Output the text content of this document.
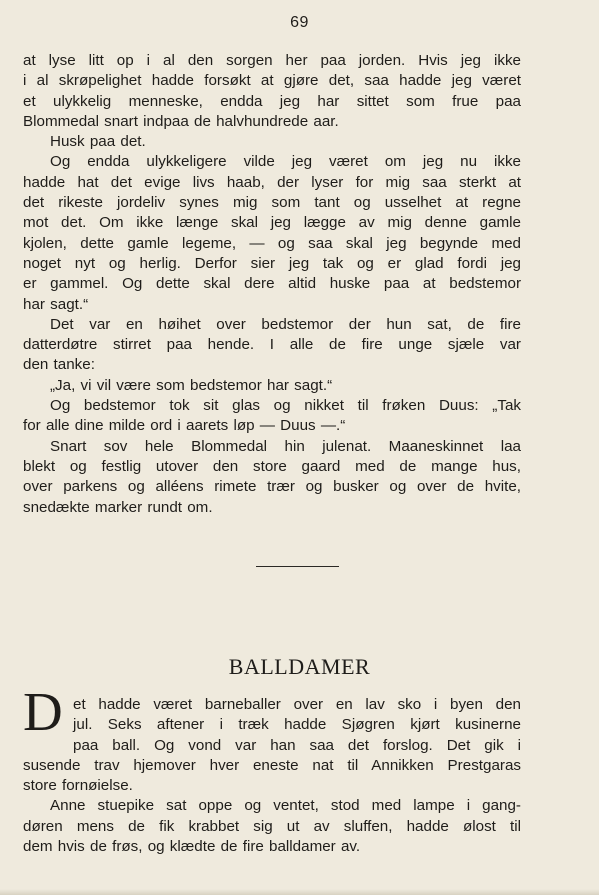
69
at lyse litt op i al den sorgen her paa jorden. Hvis jeg ikke
i al skrøpelighet hadde forsøkt at gjøre det, saa hadde jeg været
et ulykkelig menneske, endda jeg har sittet som frue paa
Blommedal snart indpaa de halvhundrede aar.
Husk paa det.
Og endda ulykkeligere vilde jeg været om jeg nu ikke
hadde hat det evige livs haab, der lyser for mig saa sterkt at
det rikeste jordeliv synes mig som tant og usselhet at regne
mot det. Om ikke længe skal jeg lægge av mig denne gamle
kjolen, dette gamle legeme, — og saa skal jeg begynde med
noget nyt og herlig. Derfor sier jeg tak og er glad fordi jeg
er gammel. Og dette skal dere altid huske paa at bedstemor
har sagt.“
Det var en høihet over bedstemor der hun sat, de fire
datterdøtre stirret paa hende. I alle de fire unge sjæle var
den tanke:
„Ja, vi vil være som bedstemor har sagt.“
Og bedstemor tok sit glas og nikket til frøken Duus: „Tak
for alle dine milde ord i aarets løp — Duus —.“
Snart sov hele Blommedal hin julenat. Maaneskinnet laa
blekt og festlig utover den store gaard med de mange hus,
over parkens og alléens rimete trær og busker og over de hvite,
snedækte marker rundt om.
BALLDAMER
D et hadde været barneballer over en lav sko i byen den
jul. Seks aftener i træk hadde Sjøgren kjørt kusinerne
paa ball. Og vond var han saa det forslog. Det gik i
susende trav hjemover hver eneste nat til Annikken Prestgaras
store fornøielse.
Anne stuepike sat oppe og ventet, stod med lampe i gang-
døren mens de fik krabbet sig ut av sluffen, hadde ølost til
dem hvis de frøs, og klædte de fire balldamer av.
